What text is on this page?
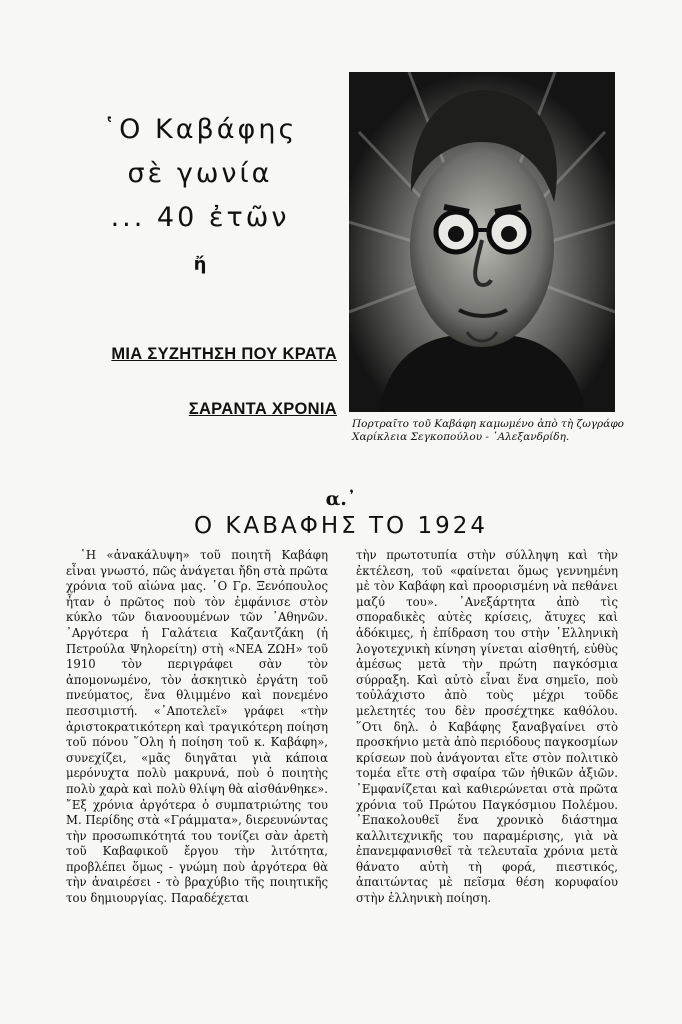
῾Ο Καβάφης
σὲ γωνία
... 40 ἐτῶν
ἤ
ΜΙΑ ΣΥΖΗΤΗΣΗ ΠΟΥ ΚΡΑΤΑ
ΣΑΡΑΝΤΑ ΧΡΟΝΙΑ
Πορτραῖτο τοῦ Καβάφη καμωμένο ἀπὸ τὴ ζωγράφο Χαρίκλεια Σεγκοπούλου - ᾿Αλεξανδρίδη.
α.᾿
Ο ΚΑΒΑΦΗΣ ΤΟ 1924

῾Η «ἀνακάλυψη» τοῦ ποιητῆ Καβάφη εἶναι γνωστό, πῶς ἀνάγεται ἤδη στὰ πρῶτα χρόνια τοῦ αἰώνα μας. ῾Ο Γρ. Ξενόπουλος ἦταν ὁ πρῶτος ποὺ τὸν ἐμφάνισε στὸν κύκλο τῶν διανοουμένων τῶν ᾿Αθηνῶν. ᾿Αργότερα ἡ Γαλάτεια Καζαντζάκη (ἡ Πετρούλα Ψηλορείτη) στὴ «ΝΕΑ ΖΩΗ» τοῦ 1910 τὸν περιγράφει σὰν τὸν ἀπομονωμένο, τὸν ἀσκητικὸ ἐργάτη τοῦ πνεύματος, ἕνα θλιμμένο καὶ πονεμένο πεσσιμιστή. «᾿Αποτελεῖ» γράφει «τὴν ἀριστοκρατικότερη καὶ τραγικότερη ποίηση τοῦ πόνου ῞Ολη ἡ ποίηση τοῦ κ. Καβάφη», συνεχίζει, «μᾶς διηγᾶται γιὰ κάποια μερόνυχτα πολὺ μακρυνά, ποὺ ὁ ποιητὴς πολὺ χαρὰ καὶ πολὺ θλίψη θὰ αἰσθάνθηκε». ῎Εξ χρόνια ἀργότερα ὁ συμπατριώτης του Μ. Περίδης στὰ «Γράμματα», διερευνώντας τὴν προσωπικότητά του τονίζει σὰν ἀρετὴ τοῦ Καβαφικοῦ ἔργου τὴν λιτότητα, προβλέπει ὅμως - γνώμη ποὺ ἀργότερα θὰ τὴν ἀναιρέσει - τὸ βραχύβιο τῆς ποιητικῆς του δημιουργίας. Παραδέχεται

τὴν πρωτοτυπία στὴν σύλληψη καὶ τὴν ἐκτέλεση, τοῦ «φαίνεται ὅμως γεννημένη μὲ τὸν Καβάφη καὶ προορισμένη νὰ πεθάνει μαζύ του». ᾿Ανεξάρτητα ἀπὸ τὶς σποραδικὲς αὐτὲς κρίσεις, ἄτυχες καὶ ἀδόκιμες, ἡ ἐπίδραση του στὴν ῾Ελληνικὴ λογοτεχνικὴ κίνηση γίνεται αἰσθητή, εὐθὺς ἀμέσως μετὰ τὴν πρώτη παγκόσμια σύρραξη. Καὶ αὐτὸ εἶναι ἕνα σημεῖο, ποὺ τοὐλάχιστο ἀπὸ τοὺς μέχρι τοῦδε μελετητές του δὲν προσέχτηκε καθόλου. ῞Οτι δηλ. ὁ Καβάφης ξαναβγαίνει στὸ προσκήνιο μετὰ ἀπὸ περιόδους παγκοσμίων κρίσεων ποὺ ἀνάγονται εἴτε στὸν πολιτικὸ τομέα εἴτε στὴ σφαίρα τῶν ἠθικῶν ἀξιῶν. ᾿Εμφανίζεται καὶ καθιερώνεται στὰ πρῶτα χρόνια τοῦ Πρώτου Παγκόσμιου Πολέμου. ᾿Επακολουθεῖ ἕνα χρονικὸ διάστημα καλλιτεχνικῆς του παραμέρισης, γιὰ νὰ ἐπανεμφανισθεῖ τὰ τελευταῖα χρόνια μετὰ θάνατο αὐτὴ τὴ φορά, πιεστικός, ἀπαιτώντας μὲ πεῖσμα θέση κορυφαίου στὴν ἑλληνικὴ ποίηση.
